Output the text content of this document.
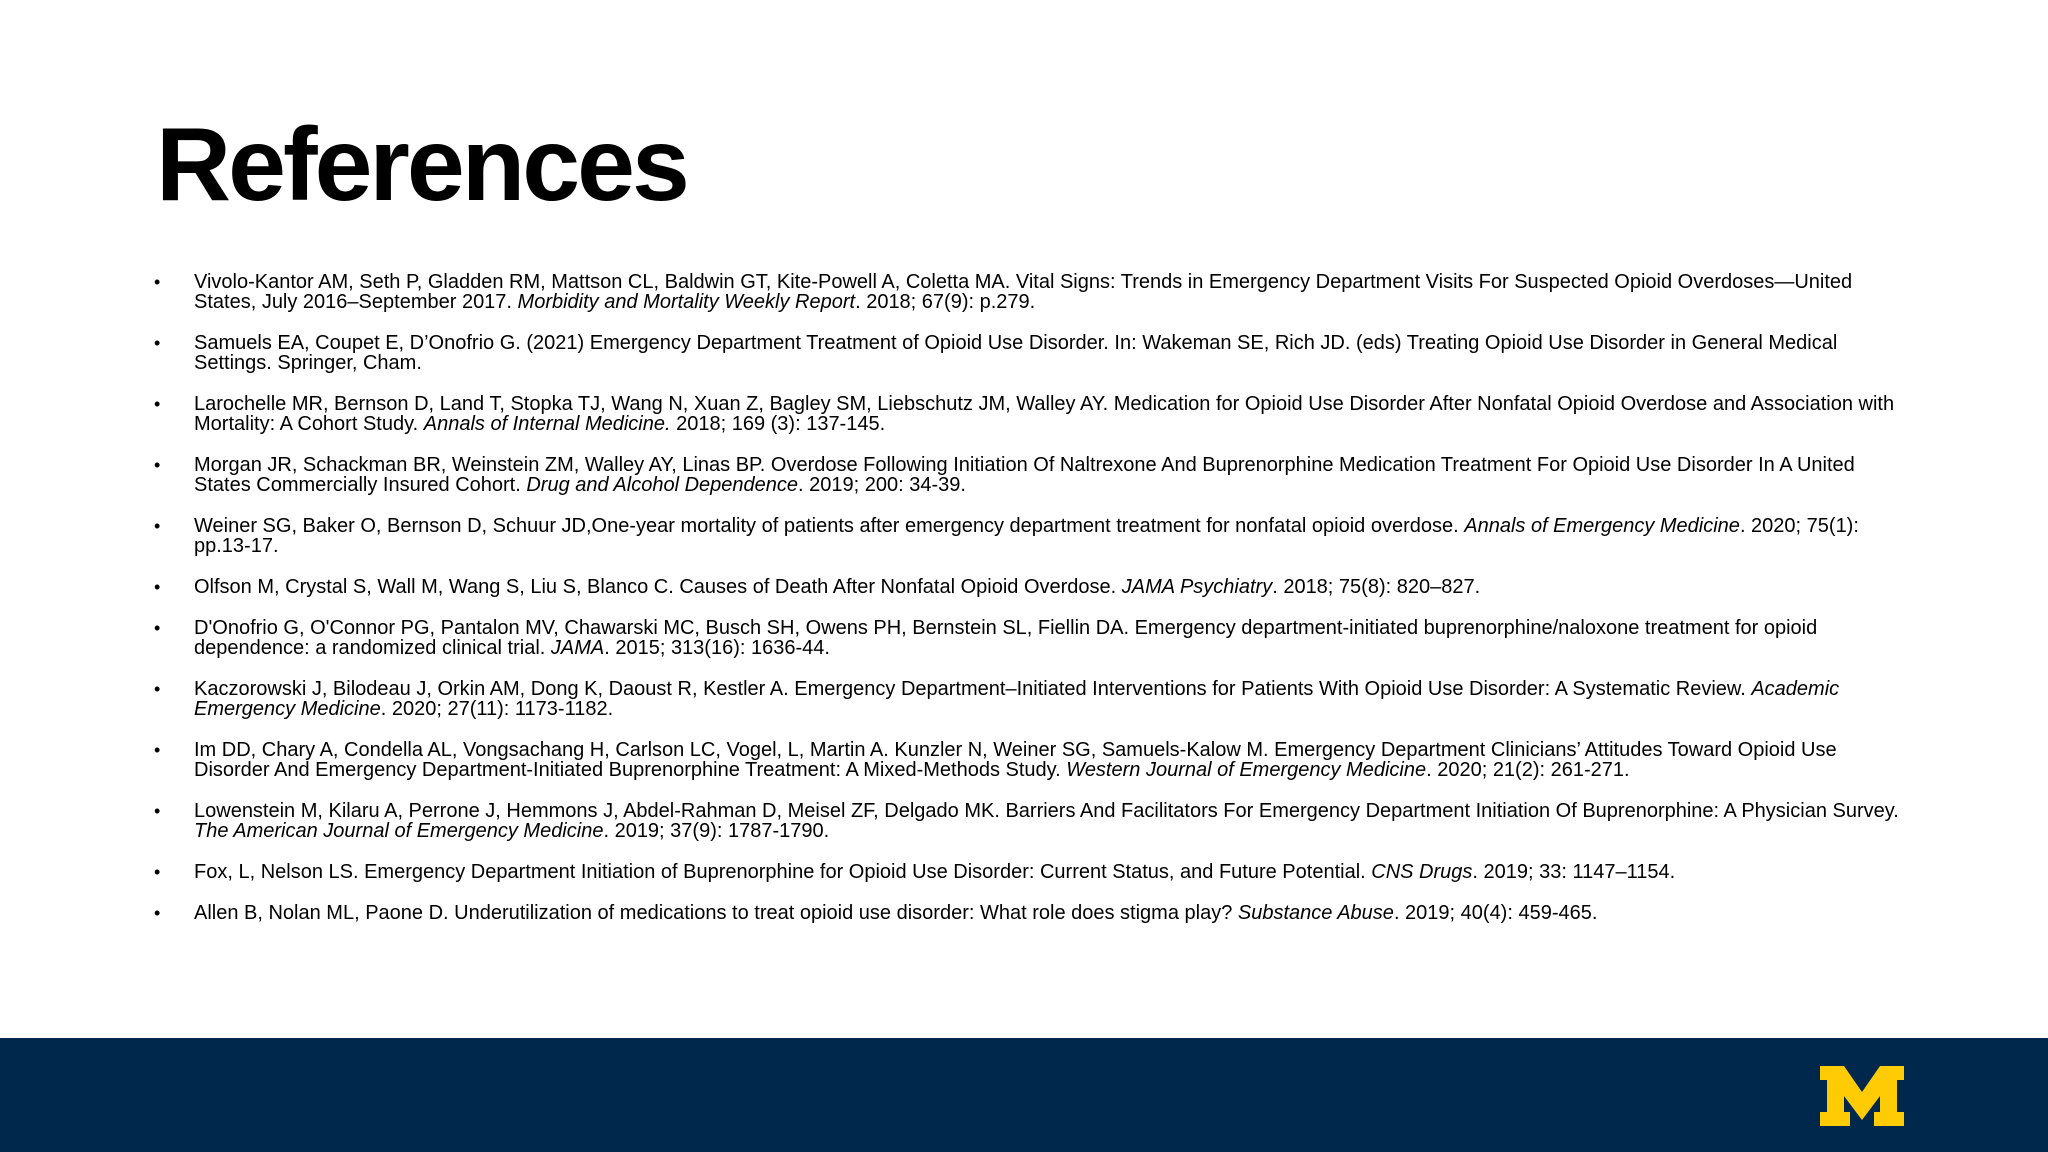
References
• Vivolo-Kantor AM, Seth P, Gladden RM, Mattson CL, Baldwin GT, Kite-Powell A, Coletta MA. Vital Signs: Trends in Emergency Department Visits For Suspected Opioid Overdoses—United States, July 2016–September 2017. Morbidity and Mortality Weekly Report. 2018; 67(9): p.279.
• Samuels EA, Coupet E, D’Onofrio G. (2021) Emergency Department Treatment of Opioid Use Disorder. In: Wakeman SE, Rich JD. (eds) Treating Opioid Use Disorder in General Medical Settings. Springer, Cham.
• Larochelle MR, Bernson D, Land T, Stopka TJ, Wang N, Xuan Z, Bagley SM, Liebschutz JM, Walley AY. Medication for Opioid Use Disorder After Nonfatal Opioid Overdose and Association with Mortality: A Cohort Study. Annals of Internal Medicine. 2018; 169 (3): 137-145.
• Morgan JR, Schackman BR, Weinstein ZM, Walley AY, Linas BP. Overdose Following Initiation Of Naltrexone And Buprenorphine Medication Treatment For Opioid Use Disorder In A United States Commercially Insured Cohort. Drug and Alcohol Dependence. 2019; 200: 34-39.
• Weiner SG, Baker O, Bernson D, Schuur JD,One-year mortality of patients after emergency department treatment for nonfatal opioid overdose. Annals of Emergency Medicine. 2020; 75(1): pp.13-17.
• Olfson M, Crystal S, Wall M, Wang S, Liu S, Blanco C. Causes of Death After Nonfatal Opioid Overdose. JAMA Psychiatry. 2018; 75(8): 820–827.
• D'Onofrio G, O'Connor PG, Pantalon MV, Chawarski MC, Busch SH, Owens PH, Bernstein SL, Fiellin DA. Emergency department-initiated buprenorphine/naloxone treatment for opioid dependence: a randomized clinical trial. JAMA. 2015; 313(16): 1636-44.
• Kaczorowski J, Bilodeau J, Orkin AM, Dong K, Daoust R, Kestler A. Emergency Department–Initiated Interventions for Patients With Opioid Use Disorder: A Systematic Review. Academic Emergency Medicine. 2020; 27(11): 1173-1182.
• Im DD, Chary A, Condella AL, Vongsachang H, Carlson LC, Vogel, L, Martin A. Kunzler N, Weiner SG, Samuels-Kalow M. Emergency Department Clinicians’ Attitudes Toward Opioid Use Disorder And Emergency Department-Initiated Buprenorphine Treatment: A Mixed-Methods Study. Western Journal of Emergency Medicine. 2020; 21(2): 261-271.
• Lowenstein M, Kilaru A, Perrone J, Hemmons J, Abdel-Rahman D, Meisel ZF, Delgado MK. Barriers And Facilitators For Emergency Department Initiation Of Buprenorphine: A Physician Survey. The American Journal of Emergency Medicine. 2019; 37(9): 1787-1790.
• Fox, L, Nelson LS. Emergency Department Initiation of Buprenorphine for Opioid Use Disorder: Current Status, and Future Potential. CNS Drugs. 2019; 33: 1147–1154.
• Allen B, Nolan ML, Paone D. Underutilization of medications to treat opioid use disorder: What role does stigma play? Substance Abuse. 2019; 40(4): 459-465.
